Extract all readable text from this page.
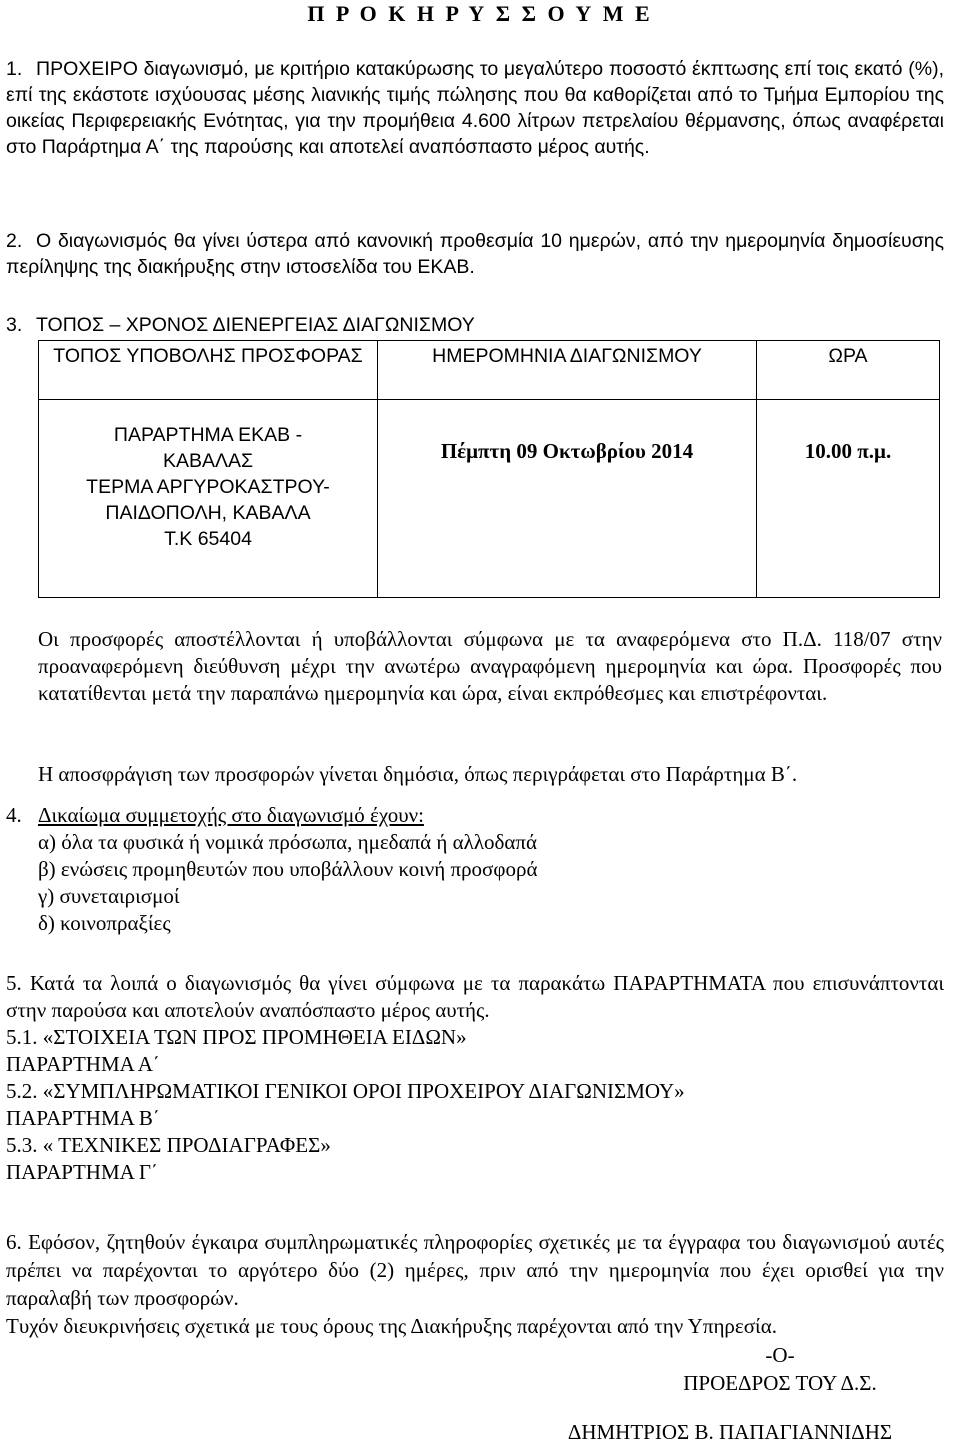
Π Ρ Ο Κ Η Ρ Υ Σ Σ Ο Υ Μ Ε
1. ΠΡΟΧΕΙΡΟ διαγωνισμό, με κριτήριο κατακύρωσης το μεγαλύτερο ποσοστό έκπτωσης επί τοις εκατό (%), επί της εκάστοτε ισχύουσας μέσης λιανικής τιμής πώλησης που θα καθορίζεται από το Τμήμα Εμπορίου της οικείας Περιφερειακής Ενότητας, για την προμήθεια 4.600 λίτρων πετρελαίου θέρμανσης, όπως αναφέρεται στο Παράρτημα Α΄ της παρούσης και αποτελεί αναπόσπαστο μέρος αυτής.
2. Ο διαγωνισμός θα γίνει ύστερα από κανονική προθεσμία 10 ημερών, από την ημερομηνία δημοσίευσης περίληψης της διακήρυξης στην ιστοσελίδα του ΕΚΑΒ.
3. ΤΟΠΟΣ – ΧΡΟΝΟΣ ΔΙΕΝΕΡΓΕΙΑΣ ΔΙΑΓΩΝΙΣΜΟΥ
ΤΟΠΟΣ ΥΠΟΒΟΛΗΣ ΠΡΟΣΦΟΡΑΣ	ΗΜΕΡΟΜΗΝΙΑ ΔΙΑΓΩΝΙΣΜΟΥ	ΩΡΑ

ΠΑΡΑΡΤΗΜΑ ΕΚΑΒ -
ΚΑΒΑΛΑΣ
ΤΕΡΜΑ ΑΡΓΥΡΟΚΑΣΤΡΟΥ-
ΠΑΙΔΟΠΟΛΗ, ΚΑΒΑΛΑ
Τ.Κ 65404	Πέμπτη 09 Οκτωβρίου 2014	10.00 π.μ.
Οι προσφορές αποστέλλονται ή υποβάλλονται σύμφωνα με τα αναφερόμενα στο Π.Δ. 118/07 στην προαναφερόμενη διεύθυνση μέχρι την ανωτέρω αναγραφόμενη ημερομηνία και ώρα. Προσφορές που κατατίθενται μετά την παραπάνω ημερομηνία και ώρα, είναι εκπρόθεσμες και επιστρέφονται.
Η αποσφράγιση των προσφορών γίνεται δημόσια, όπως περιγράφεται στο Παράρτημα Β΄.
4. Δικαίωμα συμμετοχής στο διαγωνισμό έχουν:
α) όλα τα φυσικά ή νομικά πρόσωπα, ημεδαπά ή αλλοδαπά
β) ενώσεις προμηθευτών που υποβάλλουν κοινή προσφορά
γ) συνεταιρισμοί
δ) κοινοπραξίες
5. Κατά τα λοιπά ο διαγωνισμός θα γίνει σύμφωνα με τα παρακάτω ΠΑΡΑΡΤΗΜΑΤΑ που επισυνάπτονται στην παρούσα και αποτελούν αναπόσπαστο μέρος αυτής.
5.1. «ΣΤΟΙΧΕΙΑ ΤΩΝ ΠΡΟΣ ΠΡΟΜΗΘΕΙΑ ΕΙΔΩΝ»
ΠΑΡΑΡΤΗΜΑ Α΄
5.2. «ΣΥΜΠΛΗΡΩΜΑΤΙΚΟΙ ΓΕΝΙΚΟΙ ΟΡΟΙ ΠΡΟΧΕΙΡΟΥ ΔΙΑΓΩΝΙΣΜΟΥ»
ΠΑΡΑΡΤΗΜΑ Β΄
5.3. « ΤΕΧΝΙΚΕΣ ΠΡΟΔΙΑΓΡΑΦΕΣ»
ΠΑΡΑΡΤΗΜΑ Γ΄
6. Εφόσον, ζητηθούν έγκαιρα συμπληρωματικές πληροφορίες σχετικές με τα έγγραφα του διαγωνισμού αυτές πρέπει να παρέχονται το αργότερο δύο (2) ημέρες, πριν από την ημερομηνία που έχει ορισθεί για την παραλαβή των προσφορών.
Τυχόν διευκρινήσεις σχετικά με τους όρους της Διακήρυξης παρέχονται από την Υπηρεσία.
-Ο-
ΠΡΟΕΔΡΟΣ ΤΟΥ Δ.Σ.
ΔΗΜΗΤΡΙΟΣ Β. ΠΑΠΑΓΙΑΝΝΙΔΗΣ
